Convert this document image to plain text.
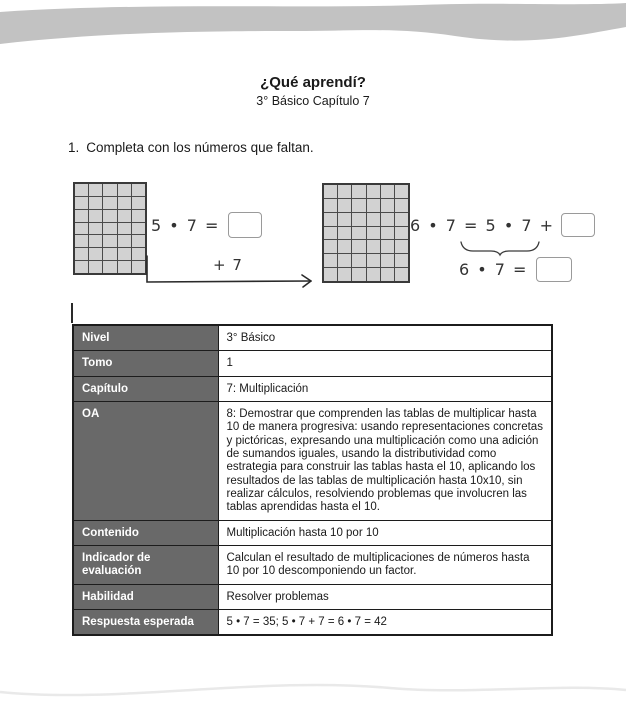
¿Qué aprendí?
3° Básico Capítulo 7
1. Completa con los números que faltan.
5 • 7 =
+ 7
6 • 7 = 5 • 7 +
6 • 7 =
Nivel	3° Básico
Tomo	1
Capítulo	7: Multiplicación
OA	8: Demostrar que comprenden las tablas de multiplicar hasta 10 de manera progresiva: usando representaciones concretas y pictóricas, expresando una multiplicación como una adición de sumandos iguales, usando la distributividad como estrategia para construir las tablas hasta el 10, aplicando los resultados de las tablas de multiplicación hasta 10x10, sin realizar cálculos, resolviendo problemas que involucren las tablas aprendidas hasta el 10.
Contenido	Multiplicación hasta 10 por 10
Indicador de evaluación	Calculan el resultado de multiplicaciones de números hasta 10 por 10 descomponiendo un factor.
Habilidad	Resolver problemas
Respuesta esperada	5 • 7 = 35; 5 • 7 + 7 = 6 • 7 = 42
